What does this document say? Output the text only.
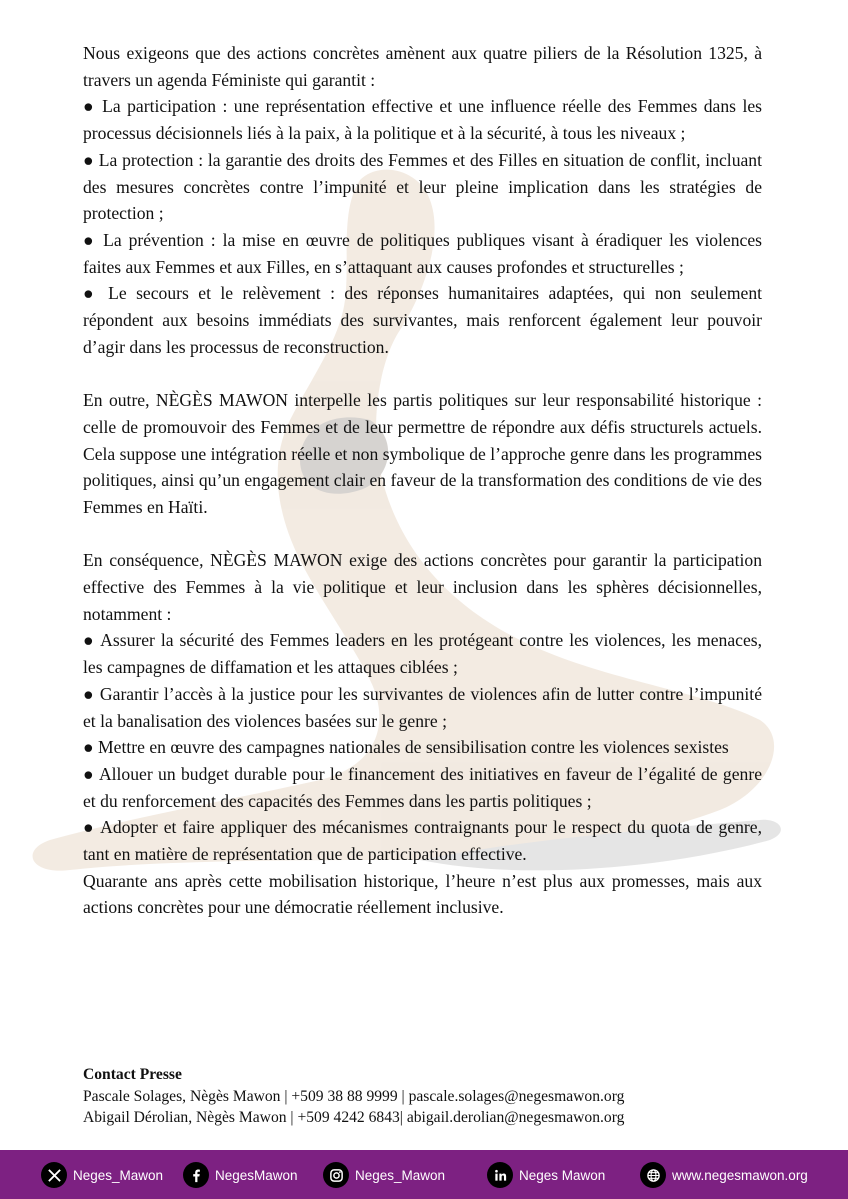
Nous exigeons que des actions concrètes amènent aux quatre piliers de la Résolution 1325, à travers un agenda Féministe qui garantit :

● La participation : une représentation effective et une influence réelle des Femmes dans les processus décisionnels liés à la paix, à la politique et à la sécurité, à tous les niveaux ;

● La protection : la garantie des droits des Femmes et des Filles en situation de conflit, incluant des mesures concrètes contre l’impunité et leur pleine implication dans les stratégies de protection ;

● La prévention : la mise en œuvre de politiques publiques visant à éradiquer les violences faites aux Femmes et aux Filles, en s’attaquant aux causes profondes et structurelles ;

● Le secours et le relèvement : des réponses humanitaires adaptées, qui non seulement répondent aux besoins immédiats des survivantes, mais renforcent également leur pouvoir d’agir dans les processus de reconstruction.

En outre, NÈGÈS MAWON interpelle les partis politiques sur leur responsabilité historique : celle de promouvoir des Femmes et de leur permettre de répondre aux défis structurels actuels. Cela suppose une intégration réelle et non symbolique de l’approche genre dans les programmes politiques, ainsi qu’un engagement clair en faveur de la transformation des conditions de vie des Femmes en Haïti.

En conséquence, NÈGÈS MAWON exige des actions concrètes pour garantir la participation effective des Femmes à la vie politique et leur inclusion dans les sphères décisionnelles, notamment :

● Assurer la sécurité des Femmes leaders en les protégeant contre les violences, les menaces, les campagnes de diffamation et les attaques ciblées ;

● Garantir l’accès à la justice pour les survivantes de violences afin de lutter contre l’impunité et la banalisation des violences basées sur le genre ;

● Mettre en œuvre des campagnes nationales de sensibilisation contre les violences sexistes

● Allouer un budget durable pour le financement des initiatives en faveur de l’égalité de genre et du renforcement des capacités des Femmes dans les partis politiques ;

● Adopter et faire appliquer des mécanismes contraignants pour le respect du quota de genre, tant en matière de représentation que de participation effective.

Quarante ans après cette mobilisation historique, l’heure n’est plus aux promesses, mais aux actions concrètes pour une démocratie réellement inclusive.

Contact Presse
Pascale Solages, Nègès Mawon | +509 38 88 9999 | pascale.solages@negesmawon.org
Abigail Dérolian, Nègès Mawon | +509 4242 6843| abigail.derolian@negesmawon.org
Neges_Mawon	NegesMawon	Neges_Mawon	Neges Mawon	www.negesmawon.org
